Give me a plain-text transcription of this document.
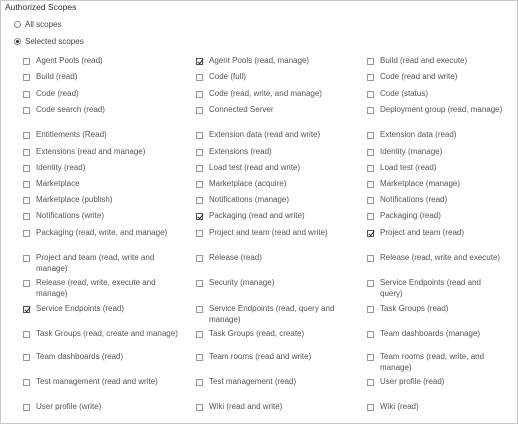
Authorized Scopes
All scopes
Selected scopes
Agent Pools (read)
Build (read)
Code (read)
Code search (read)
Entitlements (Read)
Extensions (read and manage)
Identity (read)
Marketplace
Marketplace (publish)
Notifications (write)
Packaging (read, write, and manage)
Project and team (read, write and manage)
Release (read, write, execute and manage)
Service Endpoints (read)
Task Groups (read, create and manage)
Team dashboards (read)
Test management (read and write)
User profile (write)
Agent Pools (read, manage)
Code (full)
Code (read, write, and manage)
Connected Server
Extension data (read and write)
Extensions (read)
Load test (read and write)
Marketplace (acquire)
Notifications (manage)
Packaging (read and write)
Project and team (read and write)
Release (read)
Security (manage)
Service Endpoints (read, query and manage)
Task Groups (read, create)
Team rooms (read and write)
Test management (read)
Wiki (read and write)
Build (read and execute)
Code (read and write)
Code (status)
Deployment group (read, manage)
Extension data (read)
Identity (manage)
Load test (read)
Marketplace (manage)
Notifications (read)
Packaging (read)
Project and team (read)
Release (read, write and execute)
Service Endpoints (read and query)
Task Groups (read)
Team dashboards (manage)
Team rooms (read, write, and manage)
User profile (read)
Wiki (read)
